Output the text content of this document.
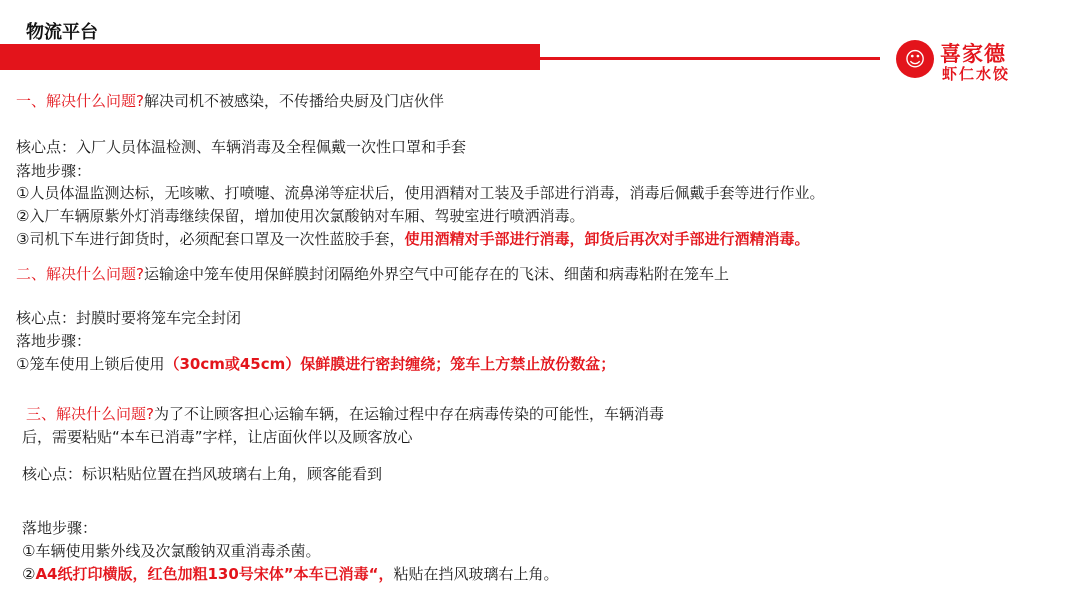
物流平台
☺ 喜家德
虾仁水饺
一、解决什么问题?解决司机不被感染，不传播给央厨及门店伙伴
核心点：入厂人员体温检测、车辆消毒及全程佩戴一次性口罩和手套
落地步骤：
①人员体温监测达标，无咳嗽、打喷嚏、流鼻涕等症状后，使用酒精对工装及手部进行消毒，消毒后佩戴手套等进行作业。
②入厂车辆原紫外灯消毒继续保留，增加使用次氯酸钠对车厢、驾驶室进行喷洒消毒。
③司机下车进行卸货时，必须配套口罩及一次性蓝胶手套，使用酒精对手部进行消毒，卸货后再次对手部进行酒精消毒。
二、解决什么问题?运输途中笼车使用保鲜膜封闭隔绝外界空气中可能存在的飞沫、细菌和病毒粘附在笼车上
核心点：封膜时要将笼车完全封闭
落地步骤：
①笼车使用上锁后使用（30cm或45cm）保鲜膜进行密封缠绕；笼车上方禁止放份数盆；
三、解决什么问题?为了不让顾客担心运输车辆，在运输过程中存在病毒传染的可能性，车辆消毒
后，需要粘贴“本车已消毒”字样，让店面伙伴以及顾客放心
核心点：标识粘贴位置在挡风玻璃右上角，顾客能看到
落地步骤：
①车辆使用紫外线及次氯酸钠双重消毒杀菌。
②A4纸打印横版，红色加粗130号宋体”本车已消毒“，粘贴在挡风玻璃右上角。
